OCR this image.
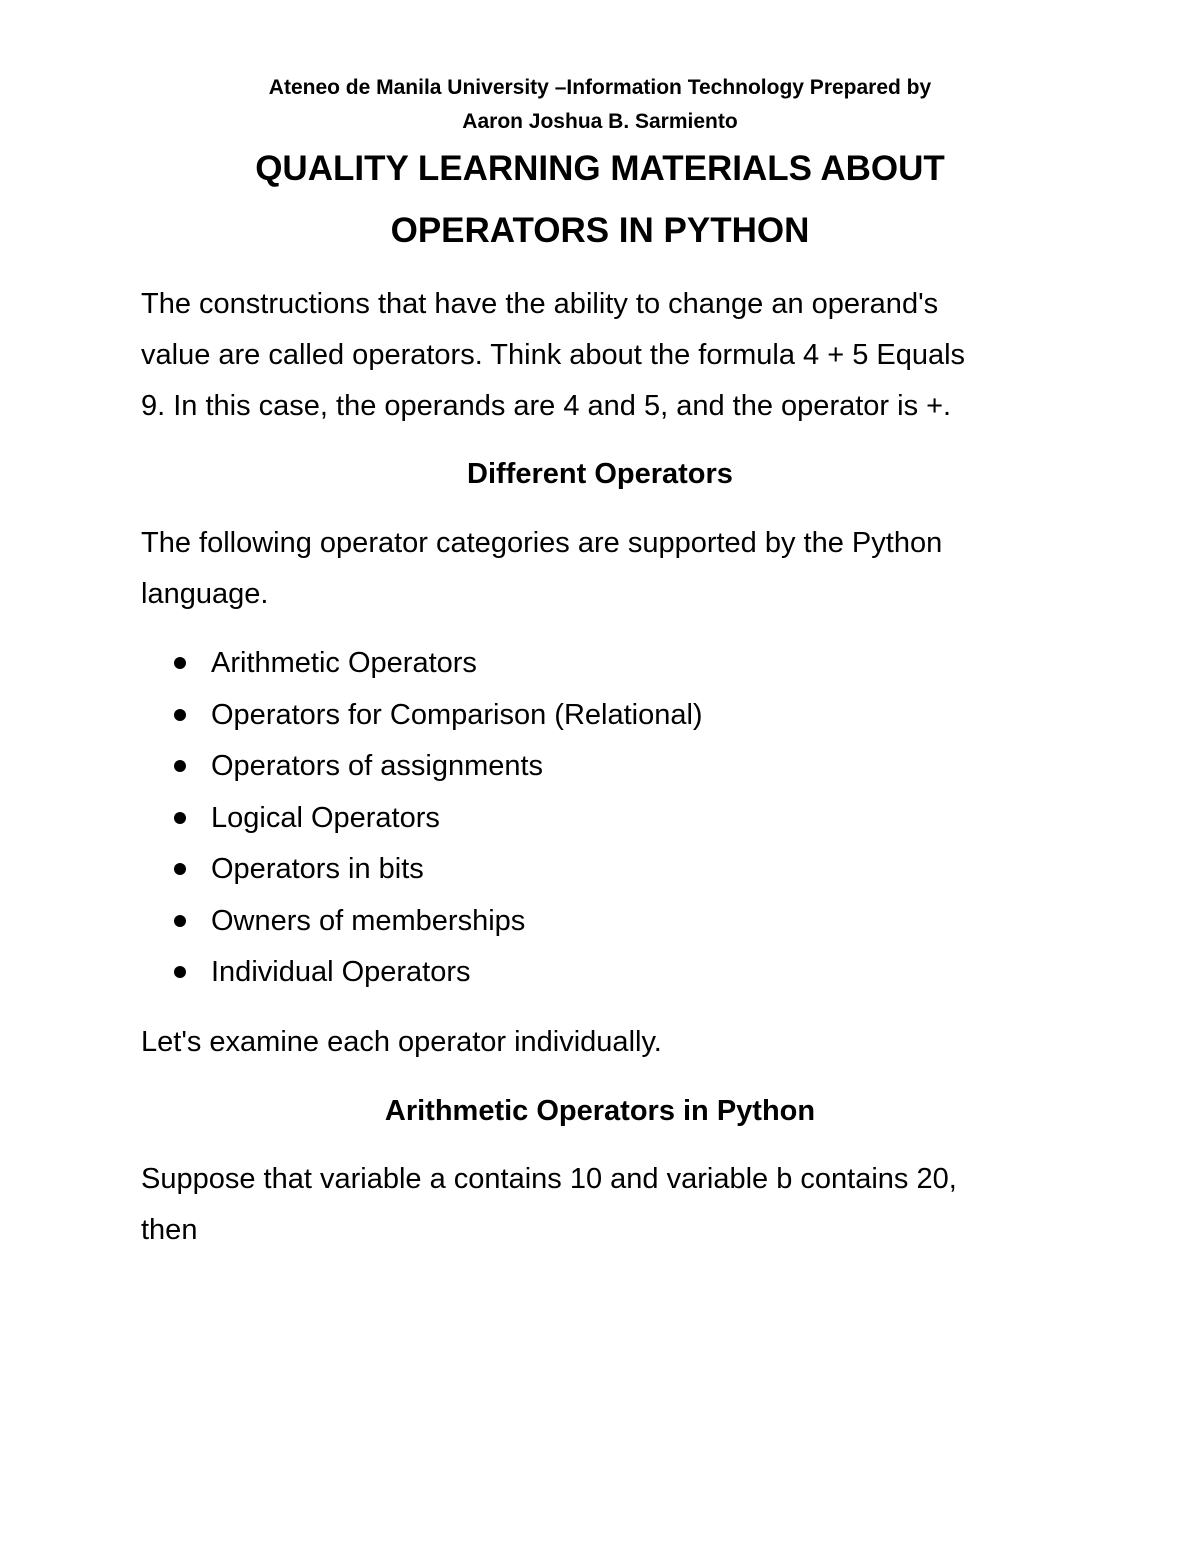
Ateneo de Manila University –Information Technology Prepared by
Aaron Joshua B. Sarmiento
QUALITY LEARNING MATERIALS ABOUT
OPERATORS IN PYTHON
The constructions that have the ability to change an operand's
value are called operators. Think about the formula 4 + 5 Equals
9. In this case, the operands are 4 and 5, and the operator is +.
Different Operators
The following operator categories are supported by the Python
language.
Arithmetic Operators
Operators for Comparison (Relational)
Operators of assignments
Logical Operators
Operators in bits
Owners of memberships
Individual Operators
Let's examine each operator individually.
Arithmetic Operators in Python
Suppose that variable a contains 10 and variable b contains 20,
then
